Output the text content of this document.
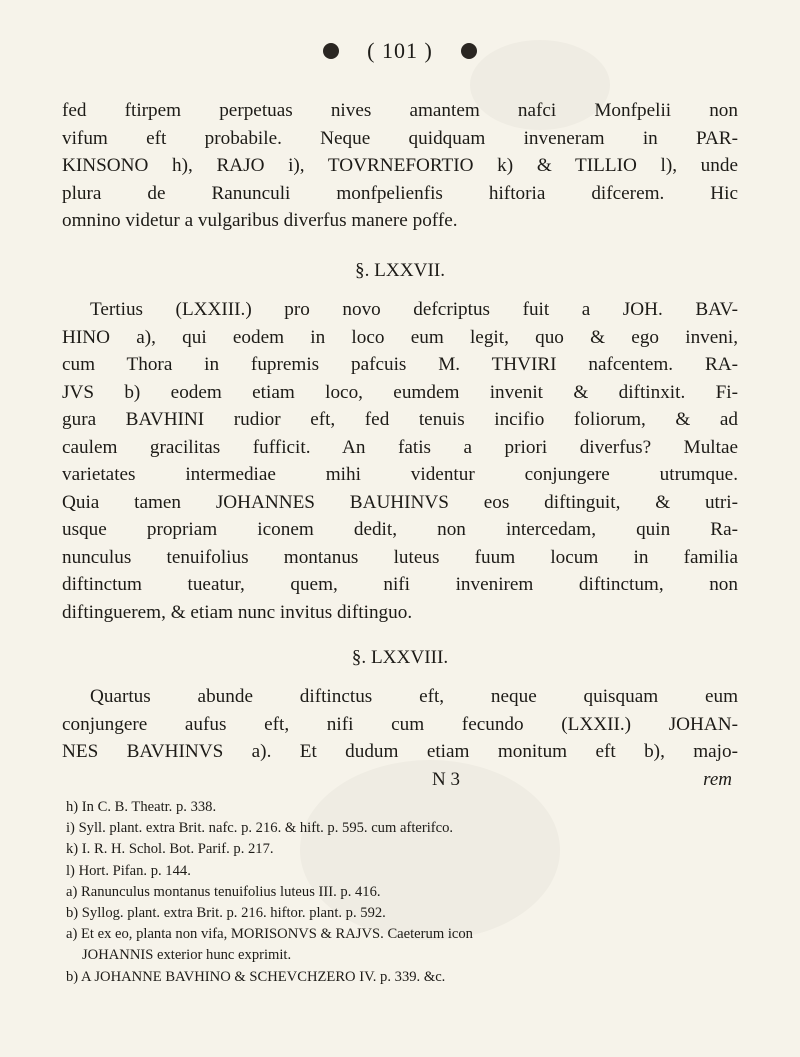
( 101 )
fed ftirpem perpetuas nives amantem nafci Monfpelii non
vifum eft probabile. Neque quidquam inveneram in PAR-
KINSONO h), RAJO i), TOVRNEFORTIO k) & TILLIO l), unde
plura de Ranunculi monfpelienfis hiftoria difcerem. Hic
omnino videtur a vulgaribus diverfus manere poffe.
§. LXXVII.
Tertius (LXXIII.) pro novo defcriptus fuit a JOH. BAV-
HINO a), qui eodem in loco eum legit, quo & ego inveni,
cum Thora in fupremis pafcuis M. THVIRI nafcentem. RA-
JVS b) eodem etiam loco, eumdem invenit & diftinxit. Fi-
gura BAVHINI rudior eft, fed tenuis incifio foliorum, & ad
caulem gracilitas fufficit. An fatis a priori diverfus? Multae
varietates intermediae mihi videntur conjungere utrumque.
Quia tamen JOHANNES BAUHINVS eos diftinguit, & utri-
usque propriam iconem dedit, non intercedam, quin Ra-
nunculus tenuifolius montanus luteus fuum locum in familia
diftinctum tueatur, quem, nifi invenirem diftinctum, non
diftinguerem, & etiam nunc invitus diftinguo.
§. LXXVIII.
Quartus abunde diftinctus eft, neque quisquam eum
conjungere aufus eft, nifi cum fecundo (LXXII.) JOHAN-
NES BAVHINVS a). Et dudum etiam monitum eft b), majo-
N 3	rem
h) In C. B. Theatr. p. 338.
i) Syll. plant. extra Brit. nafc. p. 216. & hift. p. 595. cum afterifco.
k) I. R. H. Schol. Bot. Parif. p. 217.
l) Hort. Pifan. p. 144.
a) Ranunculus montanus tenuifolius luteus III. p. 416.
b) Syllog. plant. extra Brit. p. 216. hiftor. plant. p. 592.
a) Et ex eo, planta non vifa, MORISONVS & RAJVS. Caeterum icon
JOHANNIS exterior hunc exprimit.
b) A JOHANNE BAVHINO & SCHEVCHZERO IV. p. 339. &c.
